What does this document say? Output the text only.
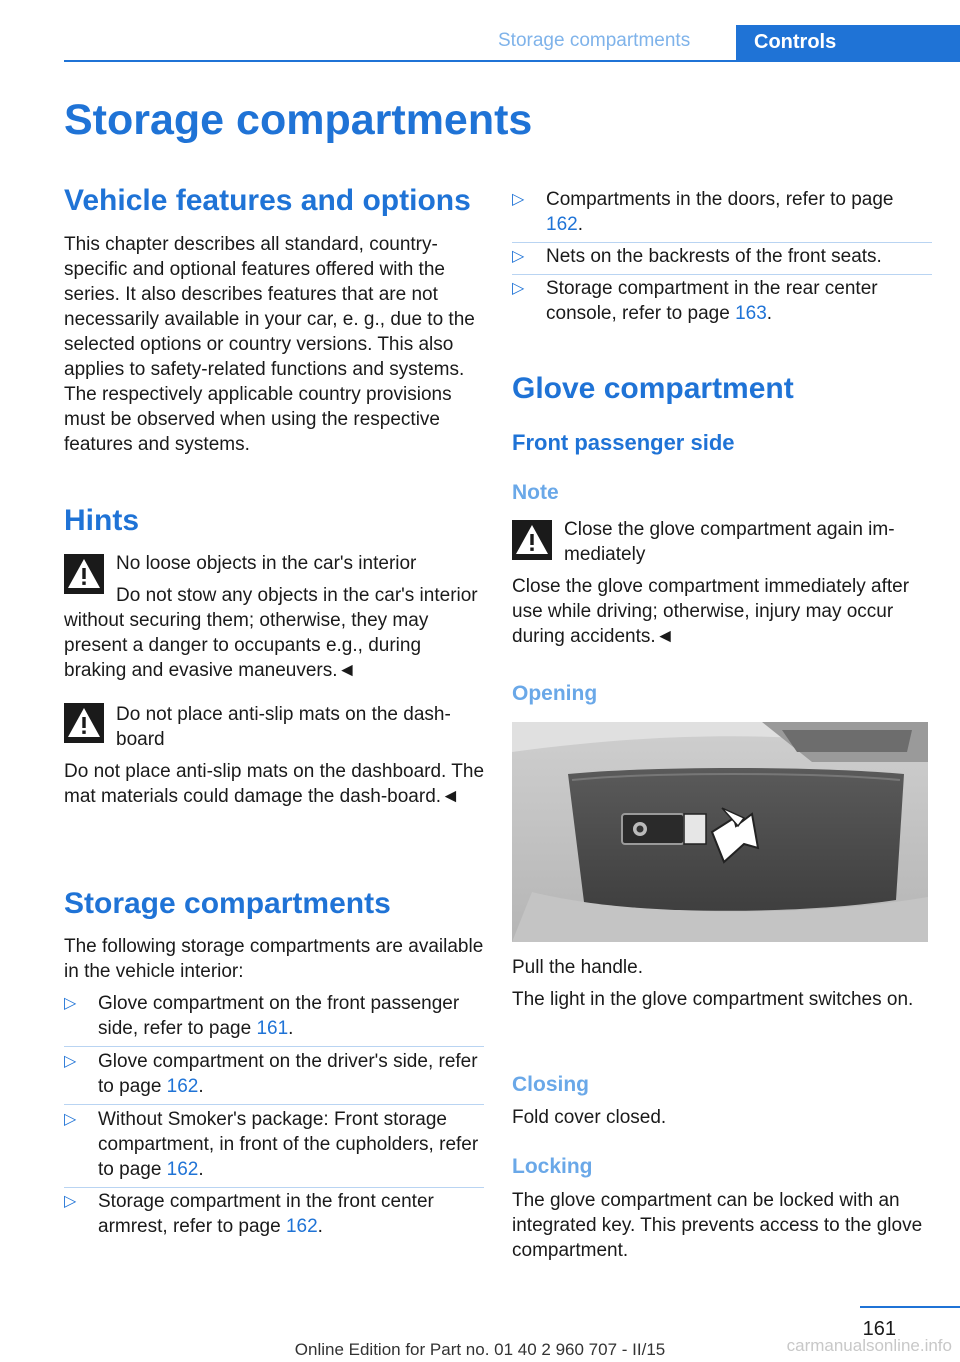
Storage compartments	Controls
Storage compartments
Vehicle features and options

This chapter describes all standard, country-specific and optional features offered with the series. It also describes features that are not necessarily available in your car, e. g., due to the selected options or country versions. This also applies to safety-related functions and systems. The respectively applicable country provisions must be observed when using the respective features and systems.

Hints
No loose objects in the car's interior

Do not stow any objects in the car's interior without securing them; otherwise, they may present a danger to occupants e.g., during braking and evasive maneuvers.◄

Do not place anti-slip mats on the dash-board

Do not place anti-slip mats on the dashboard. The mat materials could damage the dash-board.◄

Storage compartments

The following storage compartments are available in the vehicle interior:

▷ Glove compartment on the front passenger side, refer to page 161.
▷ Glove compartment on the driver's side, refer to page 162.
▷ Without Smoker's package: Front storage compartment, in front of the cupholders, refer to page 162.
▷ Storage compartment in the front center armrest, refer to page 162.
▷ Compartments in the doors, refer to page 162.
▷ Nets on the backrests of the front seats.
▷ Storage compartment in the rear center console, refer to page 163.
Glove compartment
Front passenger side
Note
Close the glove compartment again im-mediately

Close the glove compartment immediately after use while driving; otherwise, injury may occur during accidents.◄

Opening

Pull the handle.

The light in the glove compartment switches on.

Closing

Fold cover closed.

Locking

The glove compartment can be locked with an integrated key. This prevents access to the glove compartment.

161
Online Edition for Part no. 01 40 2 960 707 - II/15	carmanualsonline.info
